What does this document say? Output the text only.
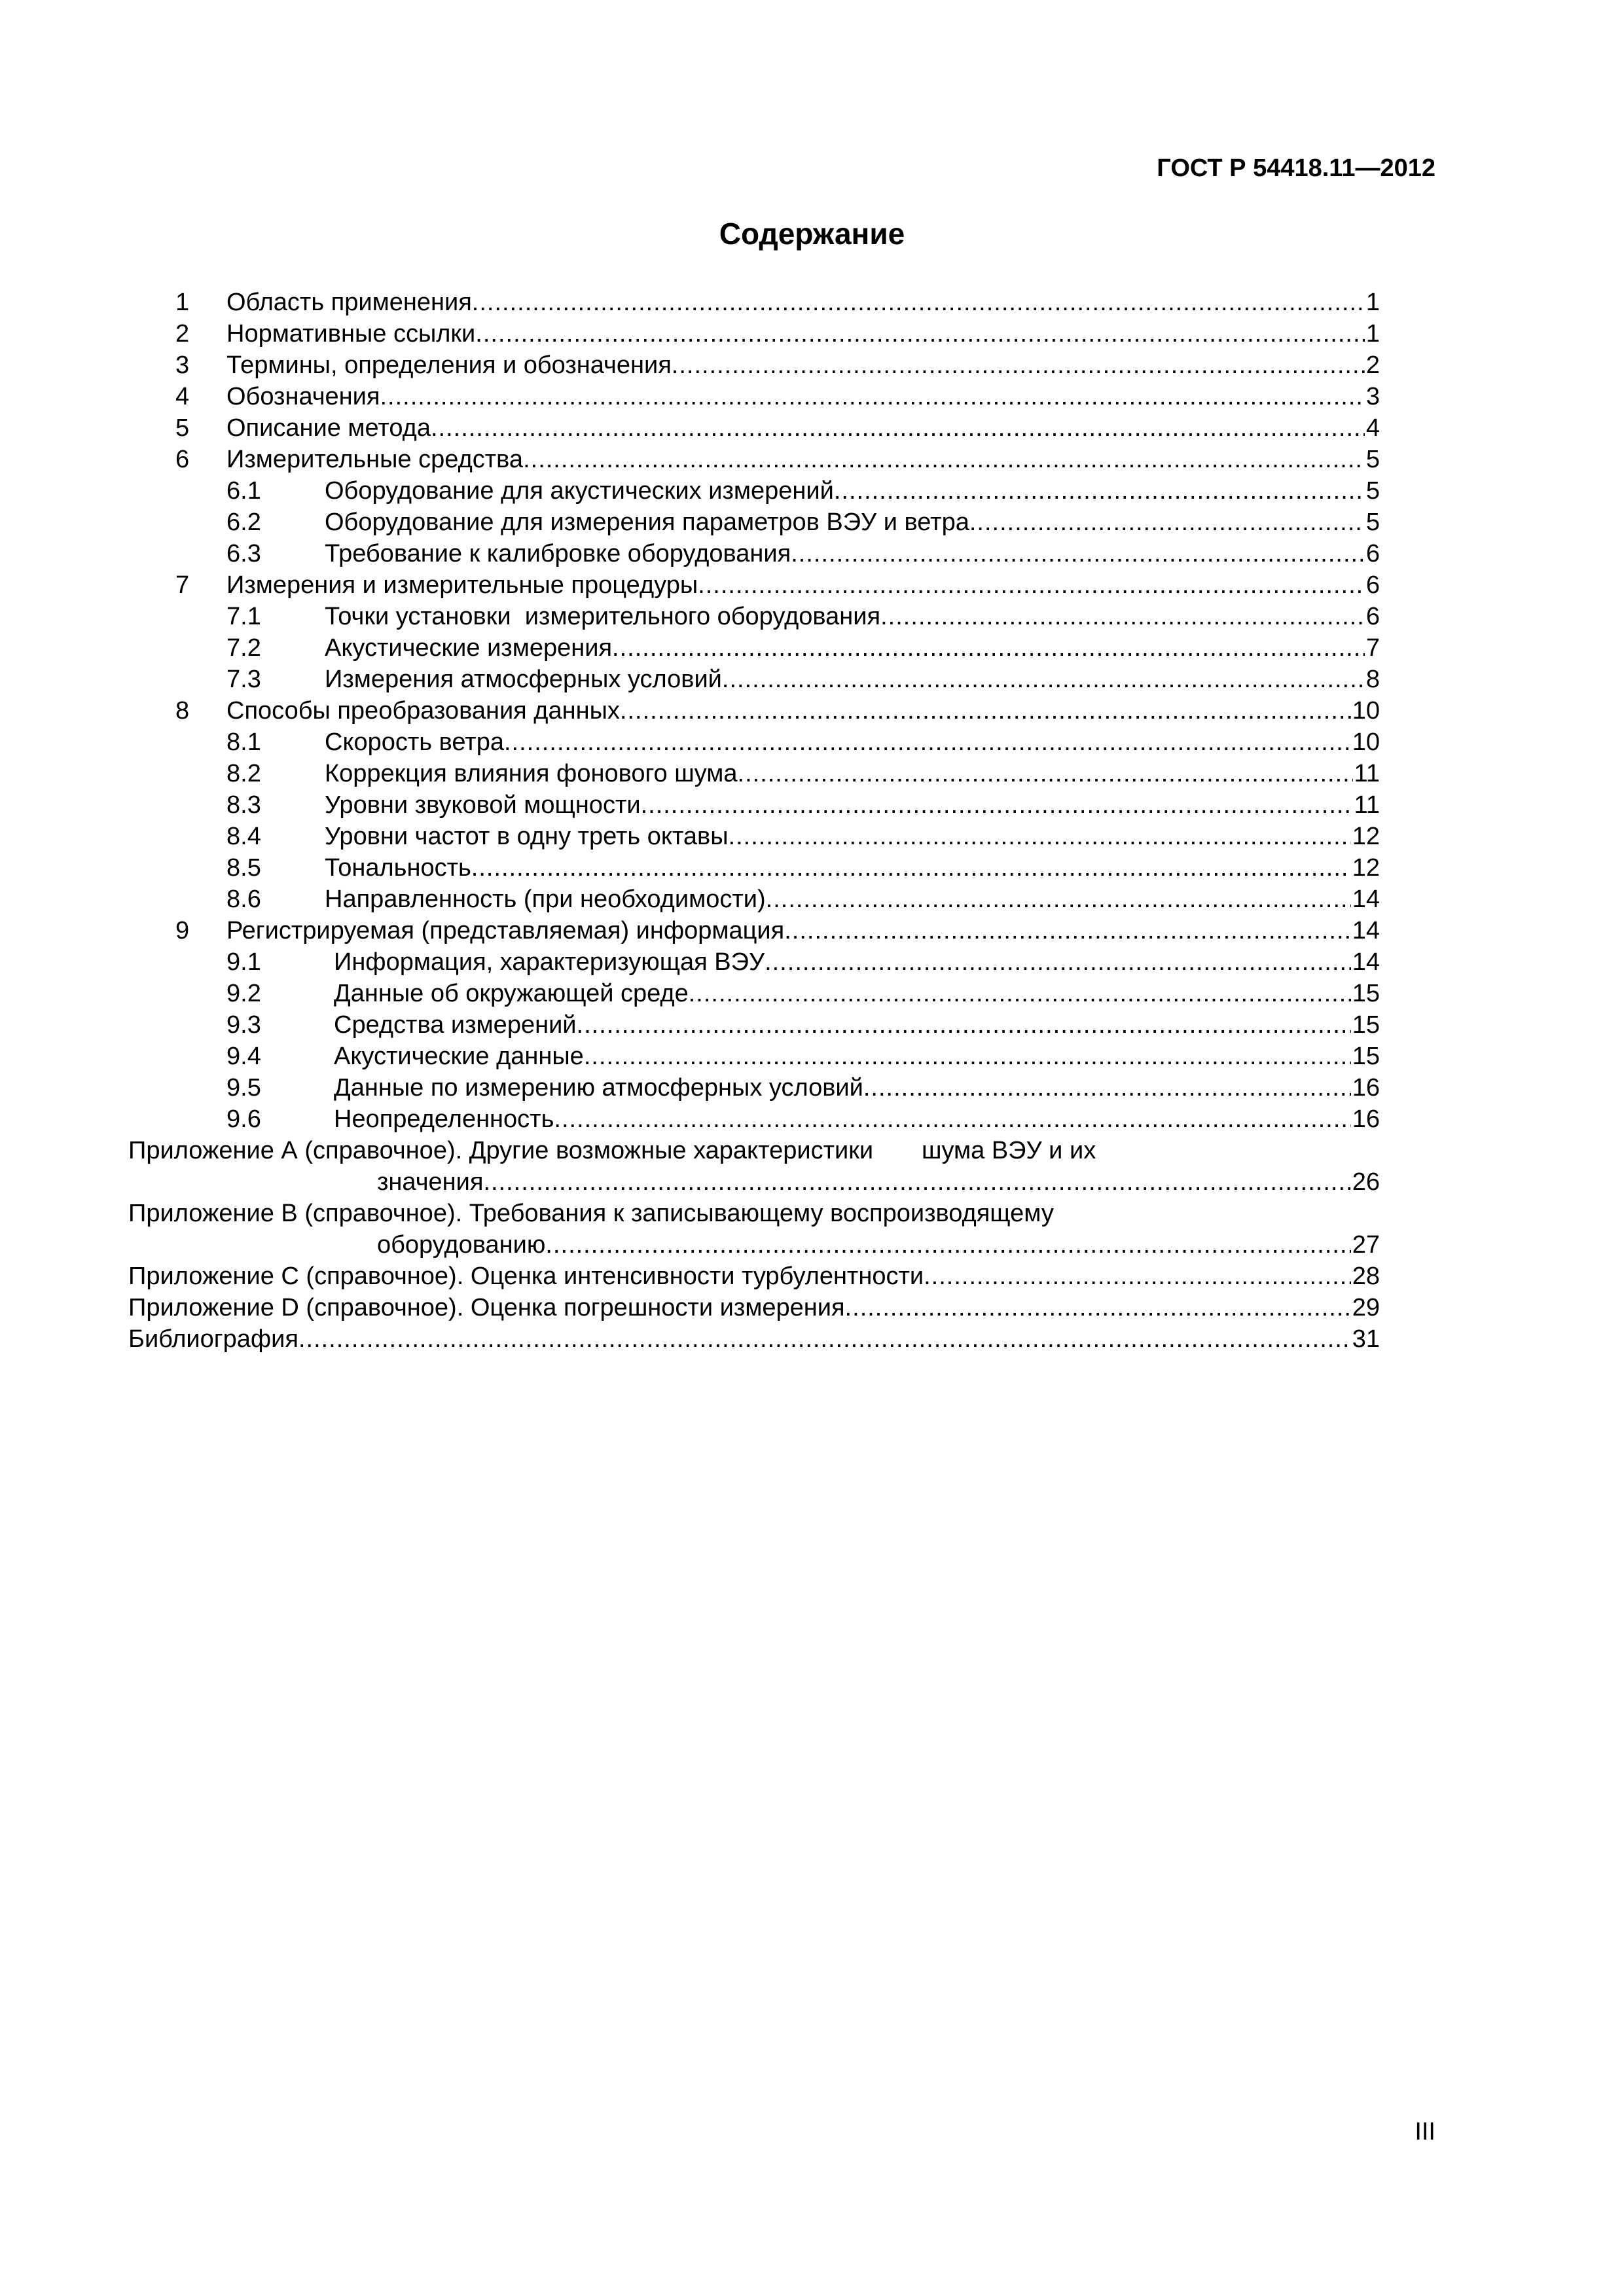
ГОСТ Р 54418.11—2012
Содержание
1 Область применения .....	1
2 Нормативные ссылки .....	1
3 Термины, определения и обозначения .....	2
4 Обозначения .....	3
5 Описание метода .....	4
6 Измерительные средства .....	5
6.1	Оборудование для акустических измерений .....	5
6.2	Оборудование для измерения параметров ВЭУ и ветра .....	5
6.3	Требование к калибровке оборудования .....	6
7 Измерения и измерительные процедуры .....	6
7.1	Точки установки  измерительного оборудования .....	6
7.2	Акустические измерения .....	7
7.3	Измерения атмосферных условий .....	8
8 Способы преобразования данных .....	10
8.1	Скорость ветра .....	10
8.2	Коррекция влияния фонового шума .....	11
8.3	Уровни звуковой мощности .....	11
8.4	Уровни частот в одну треть октавы .....	12
8.5	Тональность .....	12
8.6	Направленность (при необходимости) .....	14
9 Регистрируемая (представляемая) информация .....	14
9.1	Информация, характеризующая ВЭУ .....	14
9.2	Данные об окружающей среде .....	15
9.3	Средства измерений .....	15
9.4	Акустические данные .....	15
9.5	Данные по измерению атмосферных условий .....	16
9.6	Неопределенность .....	16
Приложение А (справочное). Другие возможные характеристики       шума ВЭУ и их
значения .....	26
Приложение В (справочное). Требования к записывающему воспроизводящему
оборудованию .....	27
Приложение С (справочное). Оценка интенсивности турбулентности .....	28
Приложение D (справочное). Оценка погрешности измерения .....	29
Библиография .....	31
III
